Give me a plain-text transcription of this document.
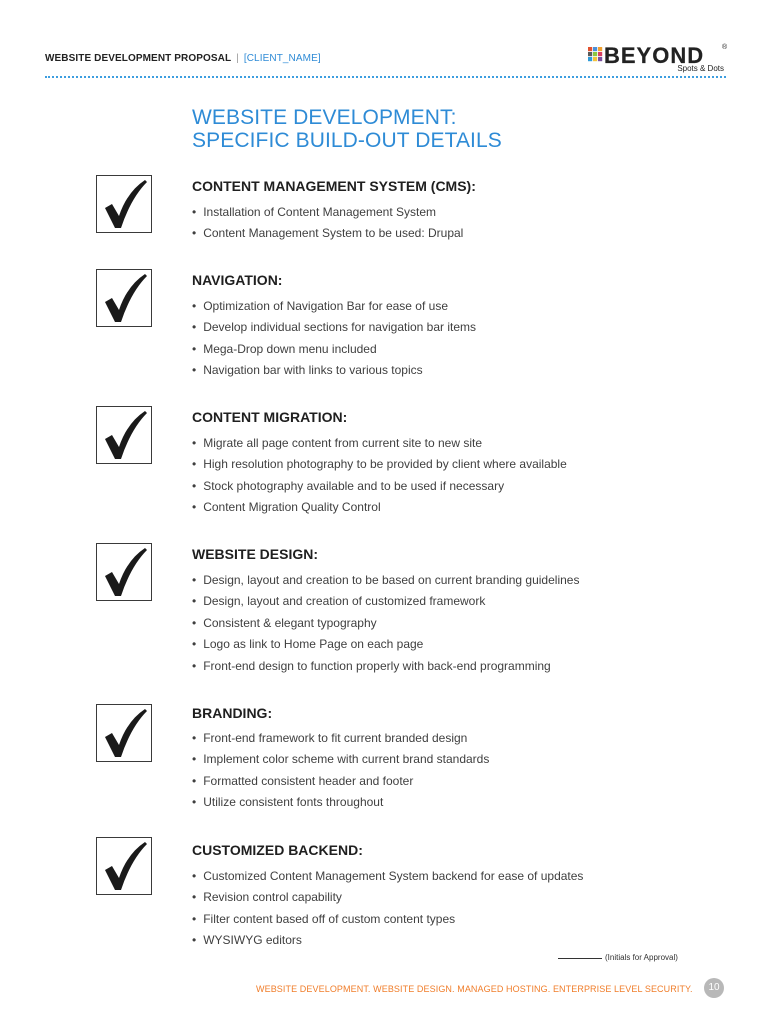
WEBSITE DEVELOPMENT PROPOSAL | [CLIENT_NAME]	BEYOND	®
Spots & Dots
WEBSITE DEVELOPMENT:
SPECIFIC BUILD-OUT DETAILS
CONTENT MANAGEMENT SYSTEM (CMS):
• Installation of Content Management System
• Content Management System to be used: Drupal
NAVIGATION:
• Optimization of Navigation Bar for ease of use
• Develop individual sections for navigation bar items
• Mega-Drop down menu included
• Navigation bar with links to various topics
CONTENT MIGRATION:
• Migrate all page content from current site to new site
• High resolution photography to be provided by client where available
• Stock photography available and to be used if necessary
• Content Migration Quality Control
WEBSITE DESIGN:
• Design, layout and creation to be based on current branding guidelines
• Design, layout and creation of customized framework
• Consistent & elegant typography
• Logo as link to Home Page on each page
• Front-end design to function properly with back-end programming
BRANDING:
• Front-end framework to fit current branded design
• Implement color scheme with current brand standards
• Formatted consistent header and footer
• Utilize consistent fonts throughout
CUSTOMIZED BACKEND:
• Customized Content Management System backend for ease of updates
• Revision control capability
• Filter content based off of custom content types
• WYSIWYG editors
(Initials for Approval)
WEBSITE DEVELOPMENT. WEBSITE DESIGN. MANAGED HOSTING. ENTERPRISE LEVEL SECURITY.	10
